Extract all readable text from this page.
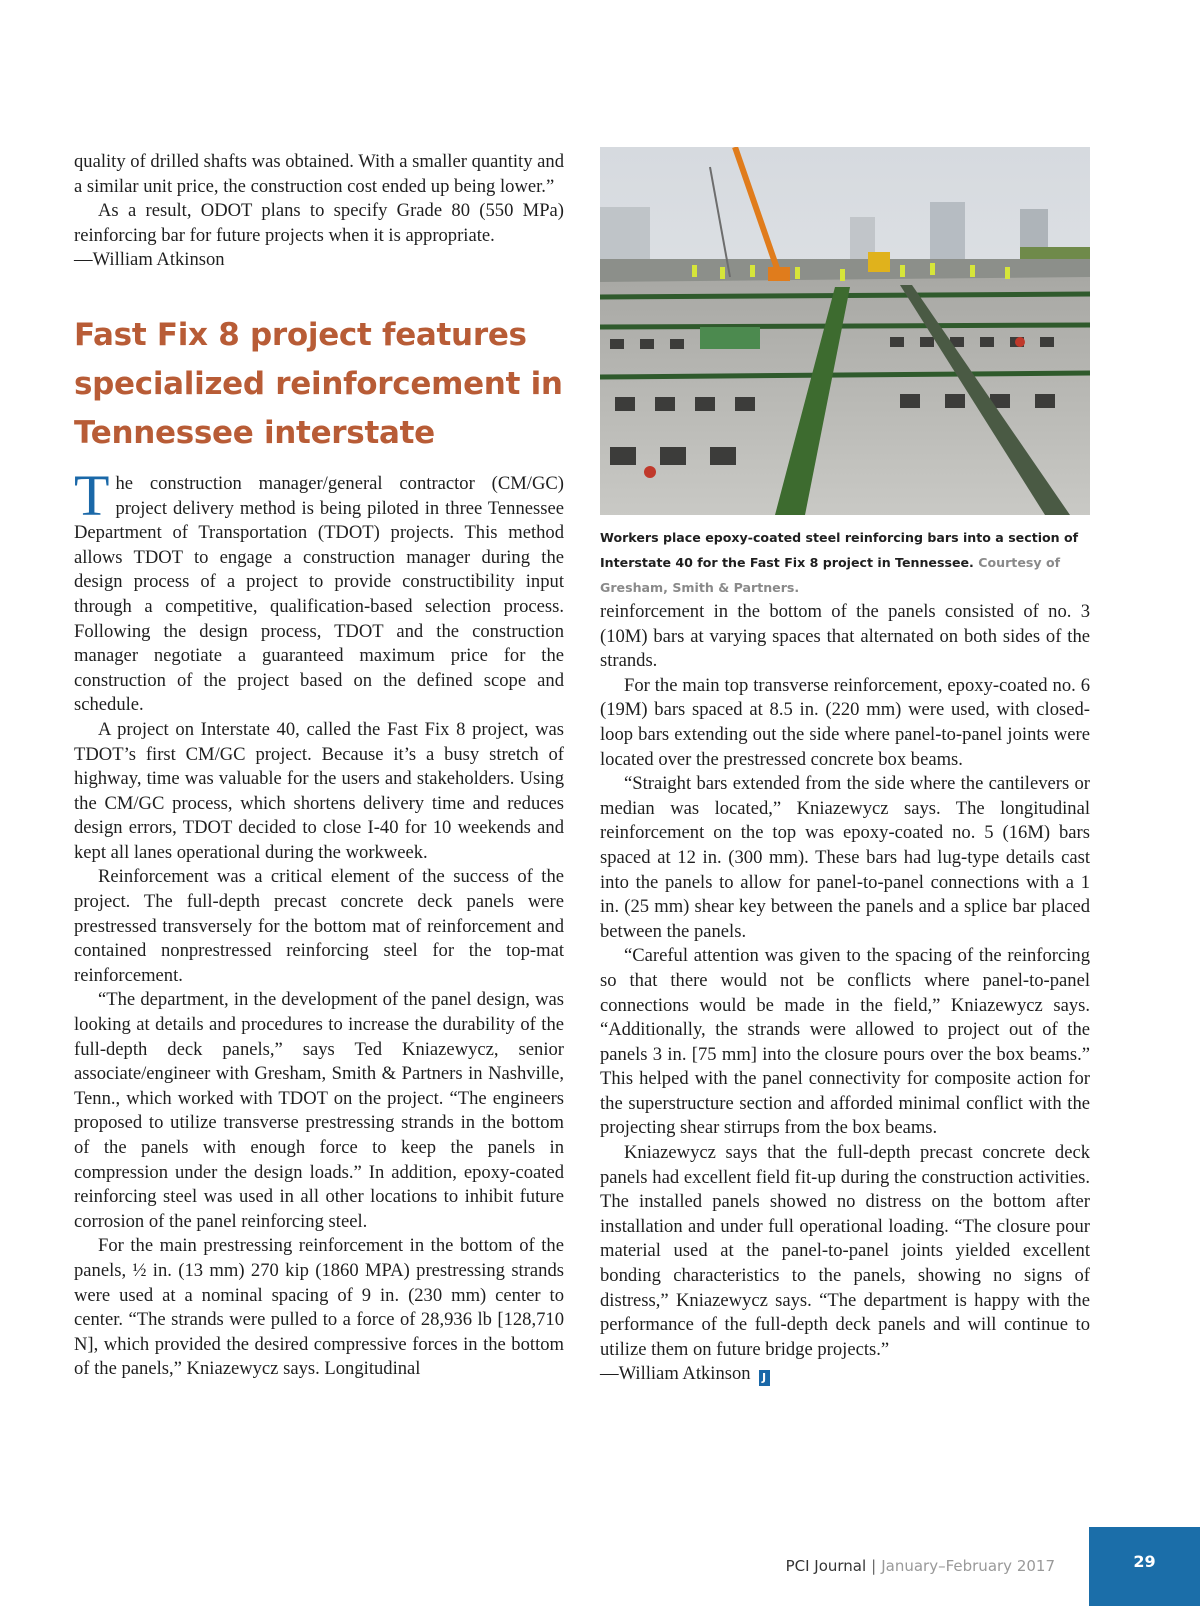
quality of drilled shafts was obtained. With a smaller quantity and a similar unit price, the construction cost ended up being lower.”

As a result, ODOT plans to specify Grade 80 (550 MPa) reinforcing bar for future projects when it is appropriate.

—William Atkinson

Fast Fix 8 project features specialized reinforcement in Tennessee interstate

The construction manager/general contractor (CM/GC) project delivery method is being piloted in three Tennessee Department of Transportation (TDOT) projects. This method allows TDOT to engage a construction manager during the design process of a project to provide constructibility input through a competitive, qualification-based selection process. Following the design process, TDOT and the construction manager negotiate a guaranteed maximum price for the construction of the project based on the defined scope and schedule.

A project on Interstate 40, called the Fast Fix 8 project, was TDOT’s first CM/GC project. Because it’s a busy stretch of highway, time was valuable for the users and stakeholders. Using the CM/GC process, which shortens delivery time and reduces design errors, TDOT decided to close I-40 for 10 weekends and kept all lanes operational during the workweek.

Reinforcement was a critical element of the success of the project. The full-depth precast concrete deck panels were prestressed transversely for the bottom mat of reinforcement and contained nonprestressed reinforcing steel for the top-mat reinforcement.

“The department, in the development of the panel design, was looking at details and procedures to increase the durability of the full-depth deck panels,” says Ted Kniazewycz, senior associate/engineer with Gresham, Smith & Partners in Nashville, Tenn., which worked with TDOT on the project. “The engineers proposed to utilize transverse prestressing strands in the bottom of the panels with enough force to keep the panels in compression under the design loads.” In addition, epoxy-coated reinforcing steel was used in all other locations to inhibit future corrosion of the panel reinforcing steel.

For the main prestressing reinforcement in the bottom of the panels, ½ in. (13 mm) 270 kip (1860 MPA) prestressing strands were used at a nominal spacing of 9 in. (230 mm) center to center. “The strands were pulled to a force of 28,936 lb [128,710 N], which provided the desired compressive forces in the bottom of the panels,” Kniazewycz says. Longitudinal

Workers place epoxy-coated steel reinforcing bars into a section of Interstate 40 for the Fast Fix 8 project in Tennessee. Courtesy of Gresham, Smith & Partners.

reinforcement in the bottom of the panels consisted of no. 3 (10M) bars at varying spaces that alternated on both sides of the strands.

For the main top transverse reinforcement, epoxy-coated no. 6 (19M) bars spaced at 8.5 in. (220 mm) were used, with closed-loop bars extending out the side where panel-to-panel joints were located over the prestressed concrete box beams.

“Straight bars extended from the side where the cantilevers or median was located,” Kniazewycz says. The longitudinal reinforcement on the top was epoxy-coated no. 5 (16M) bars spaced at 12 in. (300 mm). These bars had lug-type details cast into the panels to allow for panel-to-panel connections with a 1 in. (25 mm) shear key between the panels and a splice bar placed between the panels.

“Careful attention was given to the spacing of the reinforcing so that there would not be conflicts where panel-to-panel connections would be made in the field,” Kniazewycz says. “Additionally, the strands were allowed to project out of the panels 3 in. [75 mm] into the closure pours over the box beams.” This helped with the panel connectivity for composite action for the superstructure section and afforded minimal conflict with the projecting shear stirrups from the box beams.

Kniazewycz says that the full-depth precast concrete deck panels had excellent field fit-up during the construction activities. The installed panels showed no distress on the bottom after installation and under full operational loading. “The closure pour material used at the panel-to-panel joints yielded excellent bonding characteristics to the panels, showing no signs of distress,” Kniazewycz says. “The department is happy with the performance of the full-depth deck panels and will continue to utilize them on future bridge projects.”

—William Atkinson J

PCI Journal | January–February 2017	29
